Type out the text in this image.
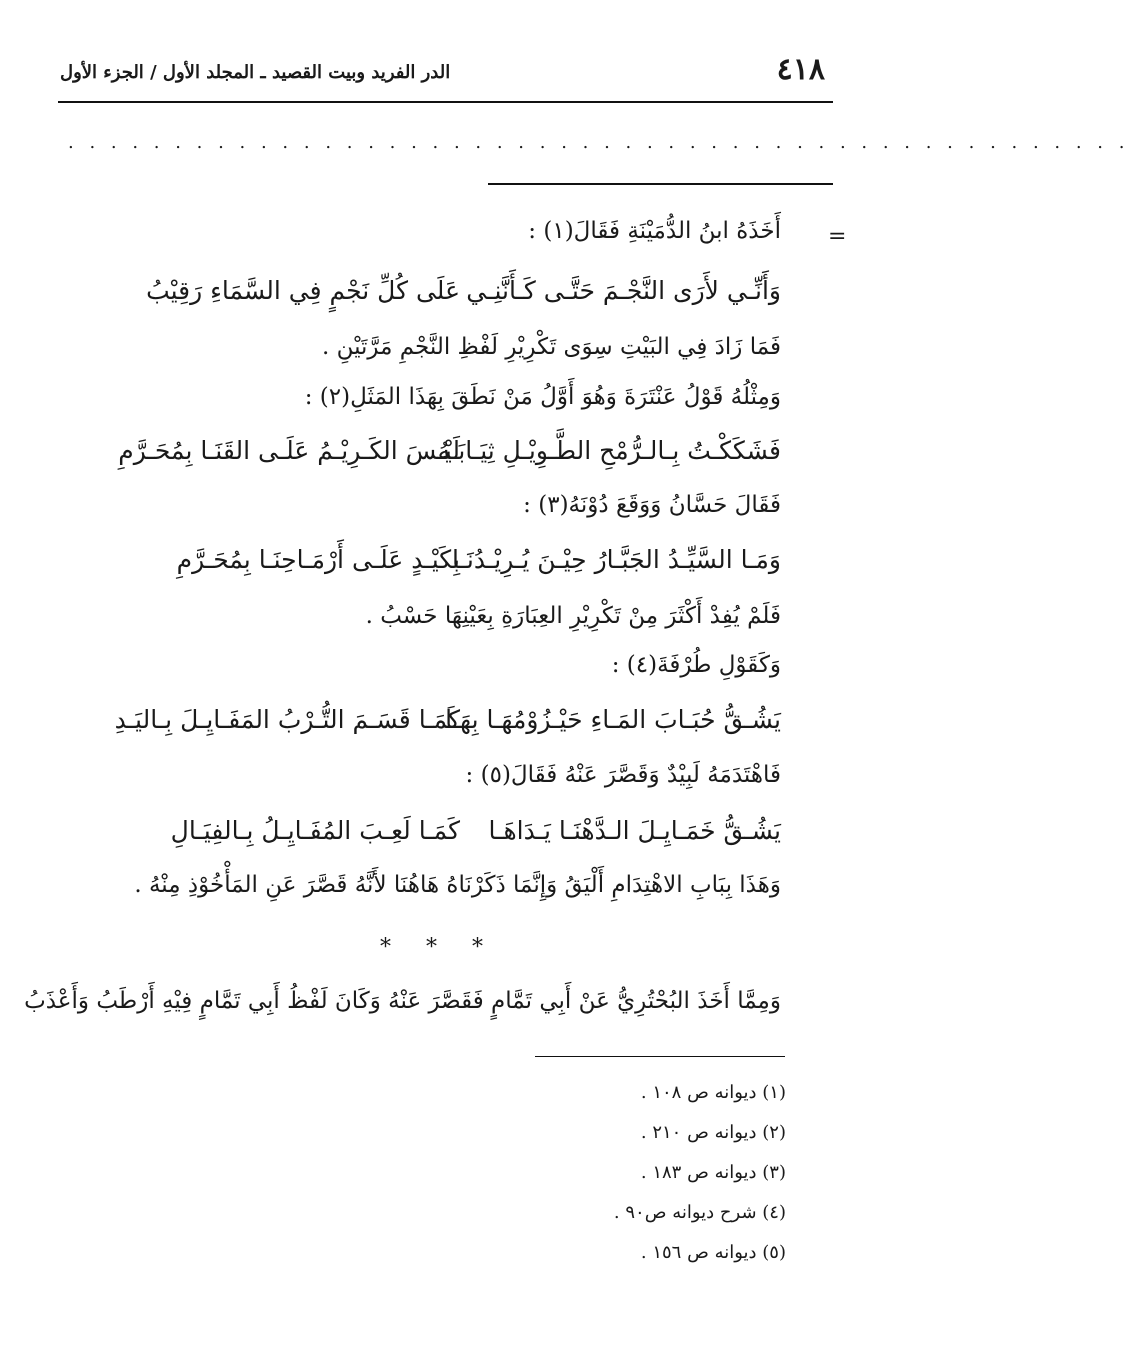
٤١٨
الدر الفريد وبيت القصيد ـ المجلد الأول / الجزء الأول
. . . . . . . . . . . . . . . . . . . . . . . . . . . . . . . . . . . . . . . . . . . . . . . . . .
=
أَخَذَهُ ابنُ الدُّمَيْنَةِ فَقَالَ(١) :
وَأَنِّـي لأَرَى النَّجْـمَ حَتَّـى كَـأَنَّنِـي
عَلَى كُلِّ نَجْمٍ فِي السَّمَاءِ رَقِيْبُ
فَمَا زَادَ فِي البَيْتِ سِوَى تَكْرِيْرِ لَفْظِ النَّجْمِ مَرَّتَيْنِ .
وَمِثْلُهُ قَوْلُ عَنْتَرَةَ وَهُوَ أَوَّلُ مَنْ نَطَقَ بِهَذَا المَثَلِ(٢) :
فَشَكَكْـتُ بِـالـرُّمْحِ الطَّـوِيْـلِ ثِيَـابَـهُ
لَيْـسَ الكَـرِيْـمُ عَلَـى القَنَـا بِمُحَـرَّمِ
فَقَالَ حَسَّانُ وَوَقَعَ دُوْنَهُ(٣) :
وَمَـا السَّيِّـدُ الجَبَّـارُ حِيْـنَ يُـرِيْـدُنَـا
بِكَيْـدٍ عَلَـى أَرْمَـاحِنَـا بِمُحَـرَّمِ
فَلَمْ يُفِدْ أَكْثَرَ مِنْ تَكْرِيْرِ العِبَارَةِ بِعَيْنِهَا حَسْبُ .
وَكَقَوْلِ طُرْفَةَ(٤) :
يَشُـقُّ حُبَـابَ المَـاءِ حَيْـزُوْمُهَـا بِهَـا
كَمَـا قَسَـمَ التُّـرْبُ المَفَـايِـلَ بِـاليَـدِ
فَاهْتَدَمَهُ لَبِيْدٌ وَقَصَّرَ عَنْهُ فَقَالَ(٥) :
يَشُـقُّ خَمَـايِـلَ الـدَّهْنَـا يَـدَاهَـا
كَمَـا لَعِـبَ المُفَـايِـلُ بِـالفِيَـالِ
وَهَذَا بِبَابِ الاهْتِدَامِ أَلْيَقُ وَإِنَّمَا ذَكَرْنَاهُ هَاهُنَا لأَنَّهُ قَصَّرَ عَنِ المَأْخُوْذِ مِنْهُ .
* * *
وَمِمَّا أَخَذَ البُحْتُرِيُّ عَنْ أَبِي تَمَّامٍ فَقَصَّرَ عَنْهُ وَكَانَ لَفْظُ أَبِي تَمَّامٍ فِيْهِ أَرْطَبُ وَأَعْذَبُ
(١) ديوانه ص ١٠٨ .
(٢) ديوانه ص ٢١٠ .
(٣) ديوانه ص ١٨٣ .
(٤) شرح ديوانه ص٩٠ .
(٥) ديوانه ص ١٥٦ .
